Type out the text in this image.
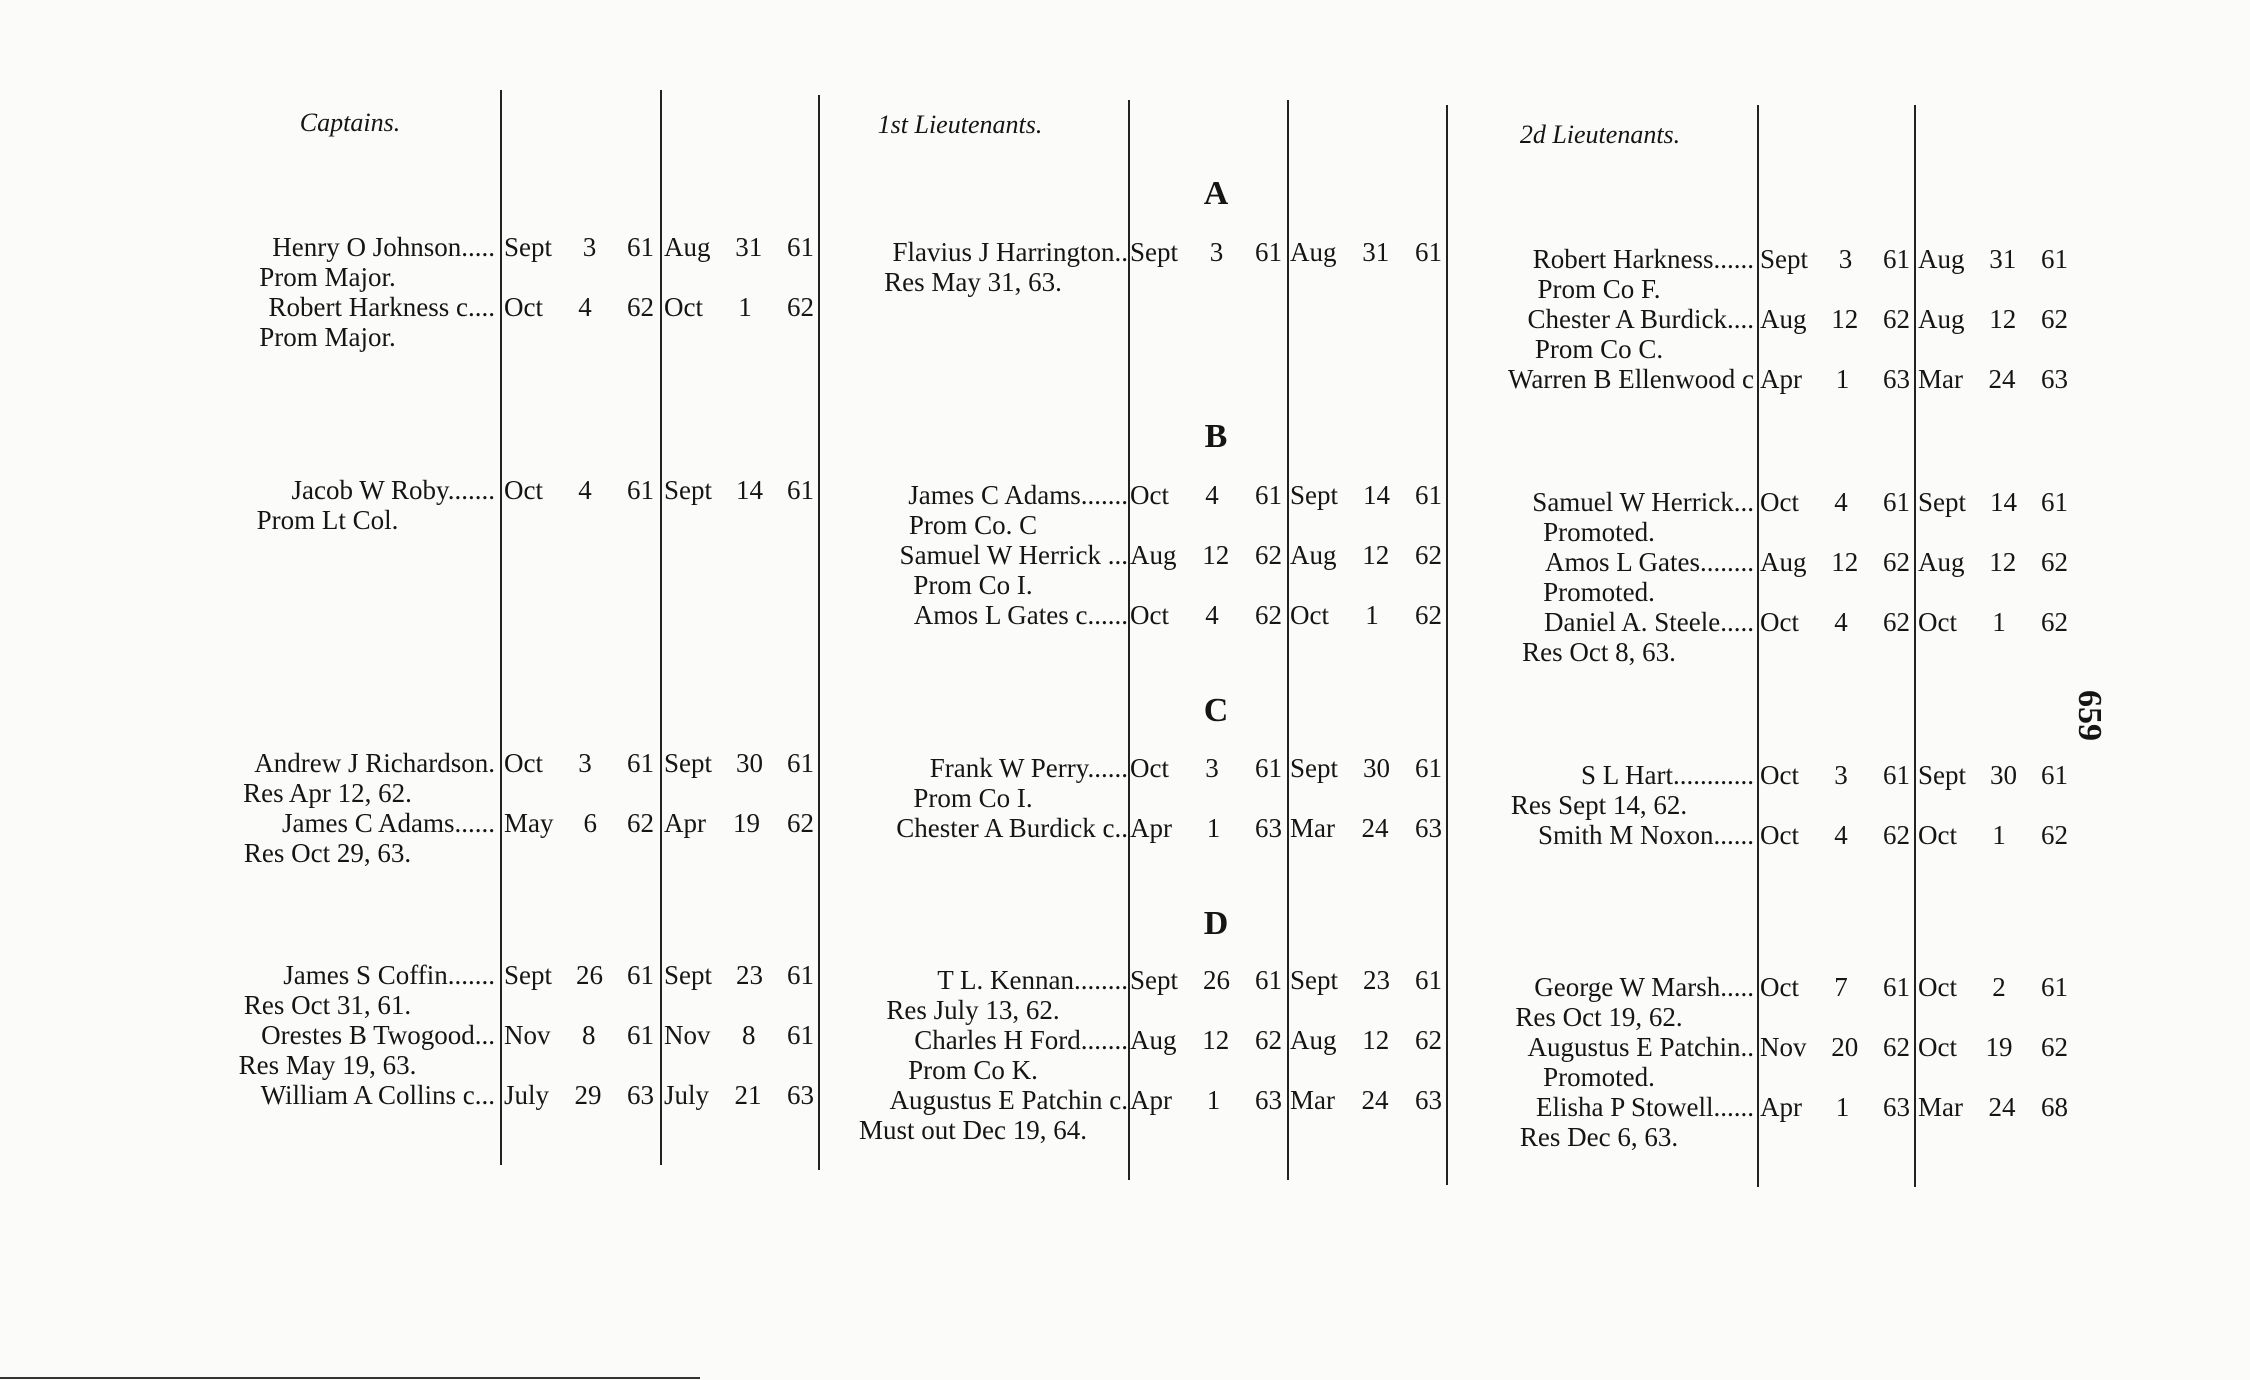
Captains.	1st Lieutenants.	2d Lieutenants.
A
Henry O Johnson..... Sept 3 61 Aug 31 61
Prom Major.
Robert Harkness c.... Oct 4 62 Oct 1 62
Prom Major.
Flavius J Harrington.. Sept 3 61 Aug 31 61
Res May 31, 63.
Robert Harkness...... Sept 3 61 Aug 31 61
Prom Co F.
Chester A Burdick.... Aug 12 62 Aug 12 62
Prom Co C.
Warren B Ellenwood c Apr 1 63 Mar 24 63
B
Jacob W Roby....... Oct 4 61 Sept 14 61
Prom Lt Col.
James C Adams....... Oct 4 61 Sept 14 61
Prom Co. C
Samuel W Herrick ... Aug 12 62 Aug 12 62
Prom Co I.
Amos L Gates c...... Oct 4 62 Oct 1 62
Samuel W Herrick... Oct 4 61 Sept 14 61
Promoted.
Amos L Gates........ Aug 12 62 Aug 12 62
Promoted.
Daniel A. Steele..... Oct 4 62 Oct 1 62
Res Oct 8, 63.
C
Andrew J Richardson. Oct 3 61 Sept 30 61
Res Apr 12, 62.
James C Adams...... May 6 62 Apr 19 62
Res Oct 29, 63.
Frank W Perry...... Oct 3 61 Sept 30 61
Prom Co I.
Chester A Burdick c.. Apr 1 63 Mar 24 63
S L Hart............ Oct 3 61 Sept 30 61
Res Sept 14, 62.
Smith M Noxon...... Oct 4 62 Oct 1 62
D
James S Coffin....... Sept 26 61 Sept 23 61
Res Oct 31, 61.
Orestes B Twogood... Nov 8 61 Nov 8 61
Res May 19, 63.
William A Collins c... July 29 63 July 21 63
T L. Kennan........ Sept 26 61 Sept 23 61
Res July 13, 62.
Charles H Ford....... Aug 12 62 Aug 12 62
Prom Co K.
Augustus E Patchin c. Apr 1 63 Mar 24 63
Must out Dec 19, 64.
George W Marsh..... Oct 7 61 Oct 2 61
Res Oct 19, 62.
Augustus E Patchin.. Nov 20 62 Oct 19 62
Promoted.
Elisha P Stowell...... Apr 1 63 Mar 24 68
Res Dec 6, 63.
659
